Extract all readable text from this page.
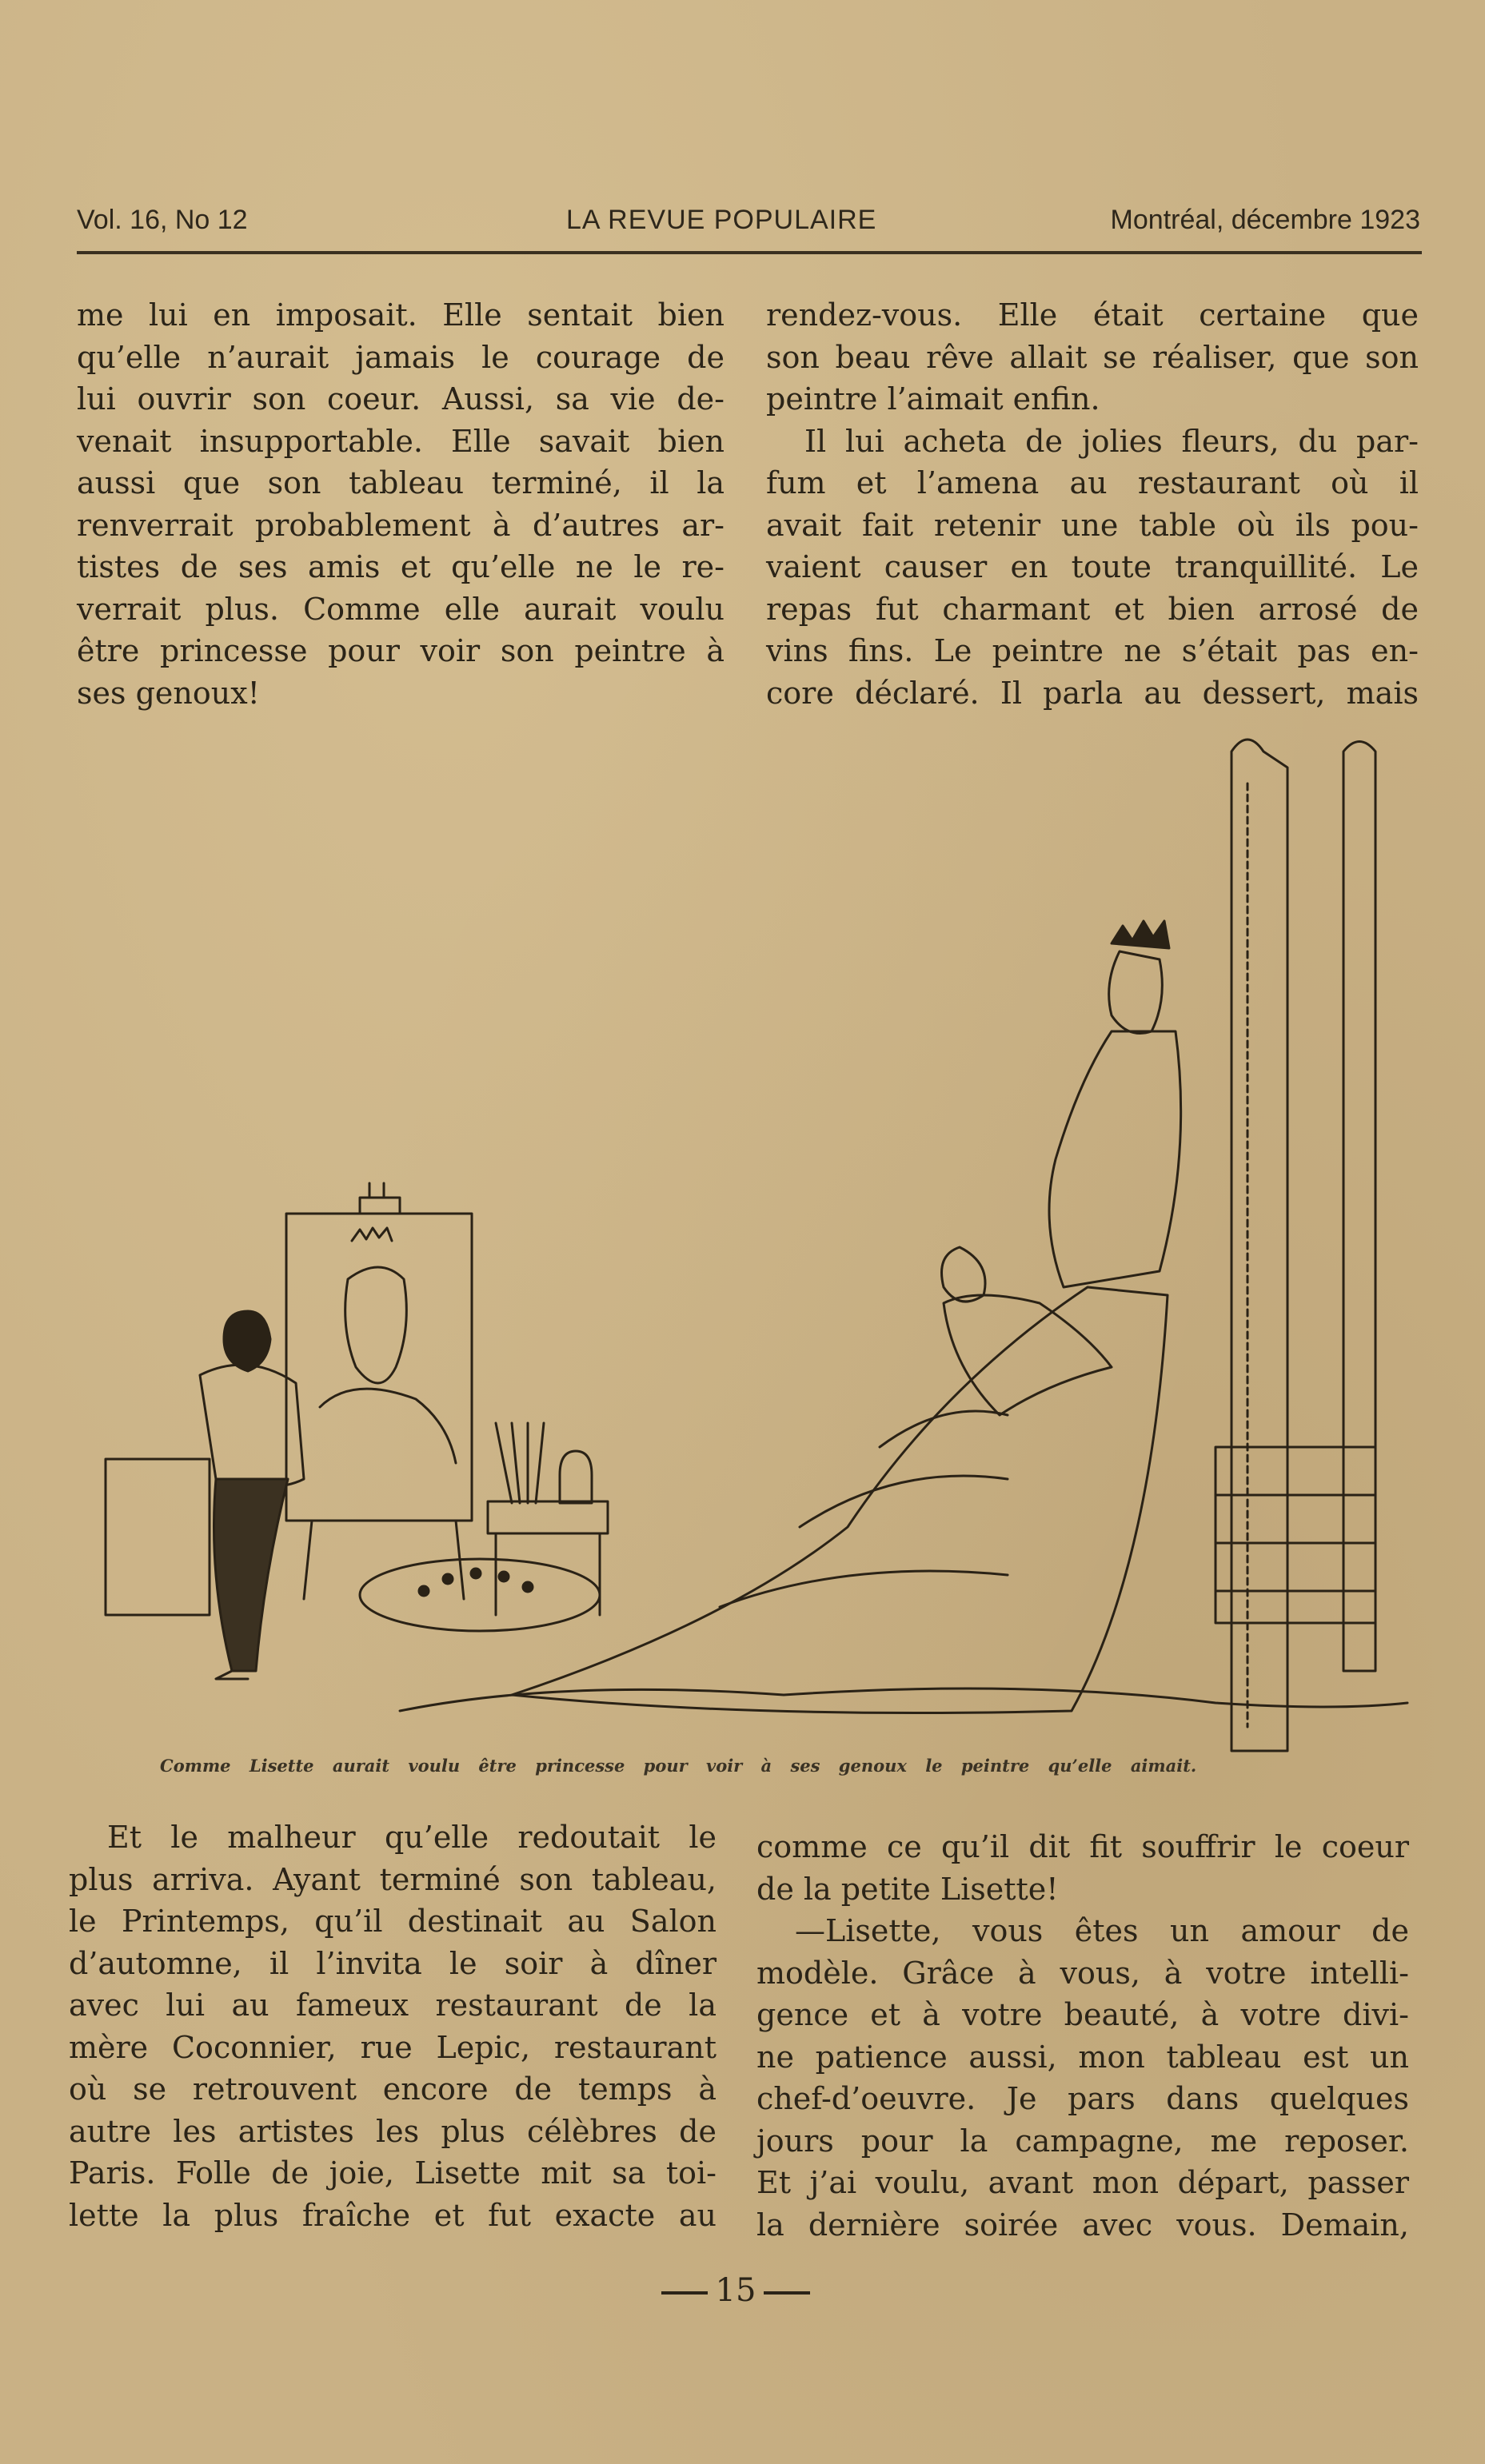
Vol. 16, No 12	LA REVUE POPULAIRE	Montréal, décembre 1923
me lui en imposait. Elle sentait bien
qu’elle n’aurait jamais le courage de
lui ouvrir son coeur. Aussi, sa vie de-
venait insupportable. Elle savait bien
aussi que son tableau terminé, il la
renverrait probablement à d’autres ar-
tistes de ses amis et qu’elle ne le re-
verrait plus. Comme elle aurait voulu
être princesse pour voir son peintre à
ses genoux!
rendez-vous. Elle était certaine que
son beau rêve allait se réaliser, que son
peintre l’aimait enfin.
Il lui acheta de jolies fleurs, du par-
fum et l’amena au restaurant où il
avait fait retenir une table où ils pou-
vaient causer en toute tranquillité. Le
repas fut charmant et bien arrosé de
vins fins. Le peintre ne s’était pas en-
core déclaré. Il parla au dessert, mais
Comme Lisette aurait voulu être princesse pour voir à ses genoux le peintre qu’elle aimait.
Et le malheur qu’elle redoutait le
plus arriva. Ayant terminé son tableau,
le Printemps, qu’il destinait au Salon
d’automne, il l’invita le soir à dîner
avec lui au fameux restaurant de la
mère Coconnier, rue Lepic, restaurant
où se retrouvent encore de temps à
autre les artistes les plus célèbres de
Paris. Folle de joie, Lisette mit sa toi-
lette la plus fraîche et fut exacte au
comme ce qu’il dit fit souffrir le coeur
de la petite Lisette!
—Lisette, vous êtes un amour de
modèle. Grâce à vous, à votre intelli-
gence et à votre beauté, à votre divi-
ne patience aussi, mon tableau est un
chef-d’oeuvre. Je pars dans quelques
jours pour la campagne, me reposer.
Et j’ai voulu, avant mon départ, passer
la dernière soirée avec vous. Demain,
15
